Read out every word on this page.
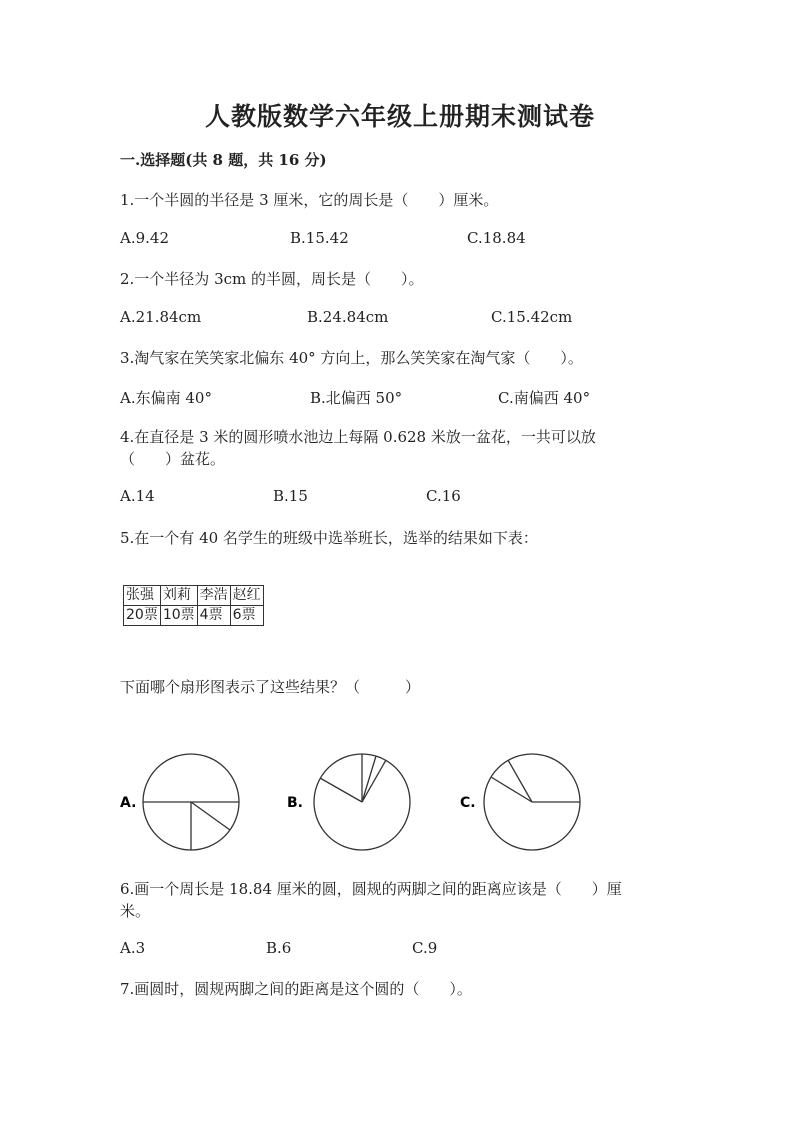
人教版数学六年级上册期末测试卷
一.选择题(共 8 题，共 16 分)
1.一个半圆的半径是 3 厘米，它的周长是（　　）厘米。
A.9.42	B.15.42	C.18.84
2.一个半径为 3cm 的半圆，周长是（　　）。
A.21.84cm	B.24.84cm	C.15.42cm
3.淘气家在笑笑家北偏东 40° 方向上，那么笑笑家在淘气家（　　）。
A.东偏南 40°	B.北偏西 50°	C.南偏西 40°
4.在直径是 3 米的圆形喷水池边上每隔 0.628 米放一盆花，一共可以放
（　　）盆花。
A.14	B.15	C.16
5.在一个有 40 名学生的班级中选举班长，选举的结果如下表：
张强	刘莉	李浩	赵红
20票	10票	4票	6票
下面哪个扇形图表示了这些结果？（　　　）
A.	B.	C.
6.画一个周长是 18.84 厘米的圆，圆规的两脚之间的距离应该是（　　）厘
米。
A.3	B.6	C.9
7.画圆时，圆规两脚之间的距离是这个圆的（　　）。
